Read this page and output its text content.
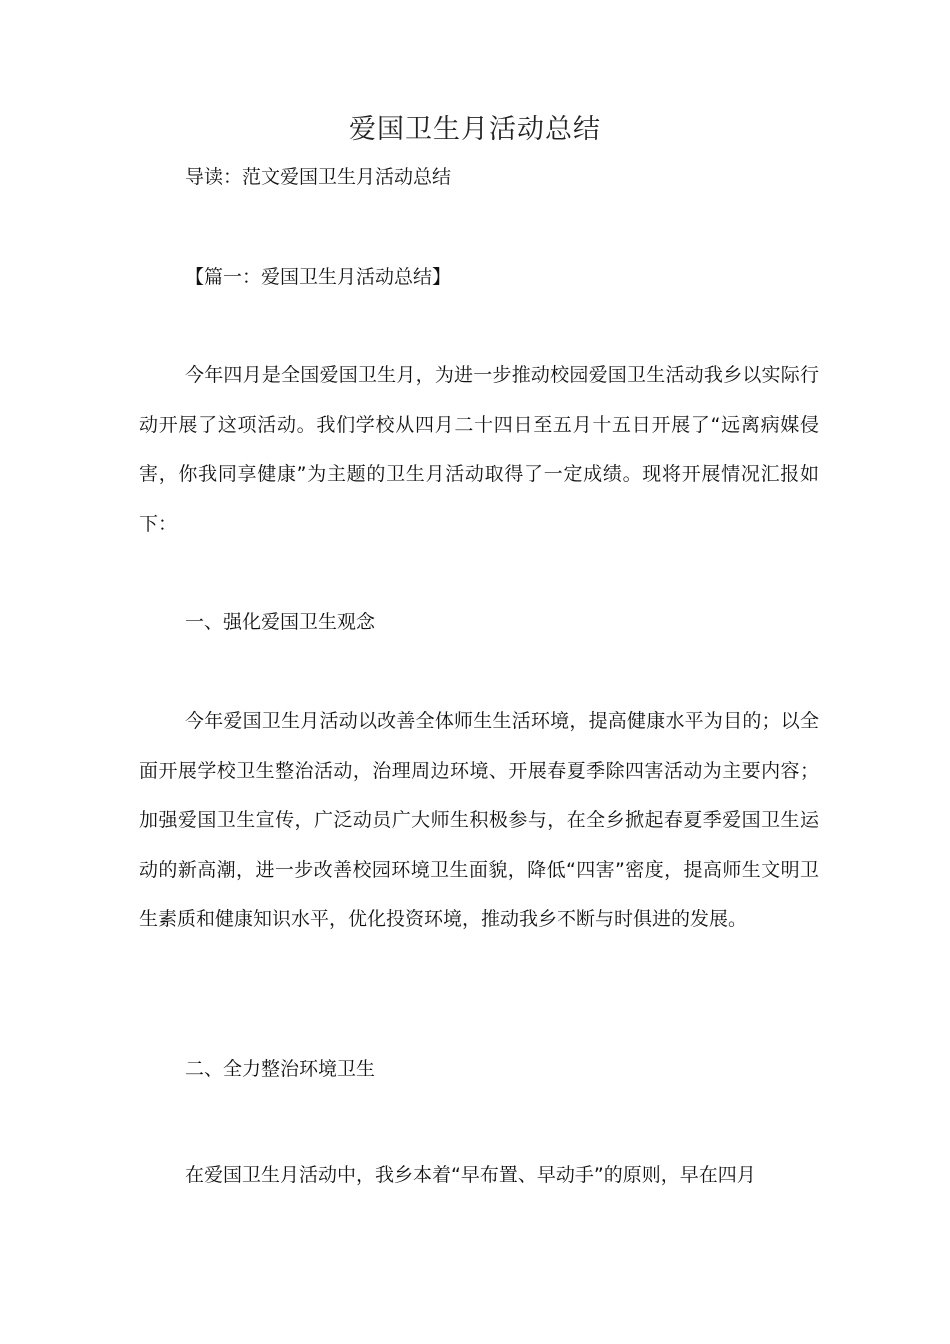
爱国卫生月活动总结
导读：范文爱国卫生月活动总结
【篇一：爱国卫生月活动总结】

今年四月是全国爱国卫生月，为进一步推动校园爱国卫生活动我乡以实际行动开展了这项活动。我们学校从四月二十四日至五月十五日开展了“远离病媒侵害，你我同享健康”为主题的卫生月活动取得了一定成绩。现将开展情况汇报如下：

一、强化爱国卫生观念

今年爱国卫生月活动以改善全体师生生活环境，提高健康水平为目的；以全面开展学校卫生整治活动，治理周边环境、开展春夏季除四害活动为主要内容；加强爱国卫生宣传，广泛动员广大师生积极参与，在全乡掀起春夏季爱国卫生运动的新高潮，进一步改善校园环境卫生面貌，降低“四害”密度，提高师生文明卫生素质和健康知识水平，优化投资环境，推动我乡不断与时俱进的发展。

二、全力整治环境卫生

在爱国卫生月活动中，我乡本着“早布置、早动手”的原则，早在四月
